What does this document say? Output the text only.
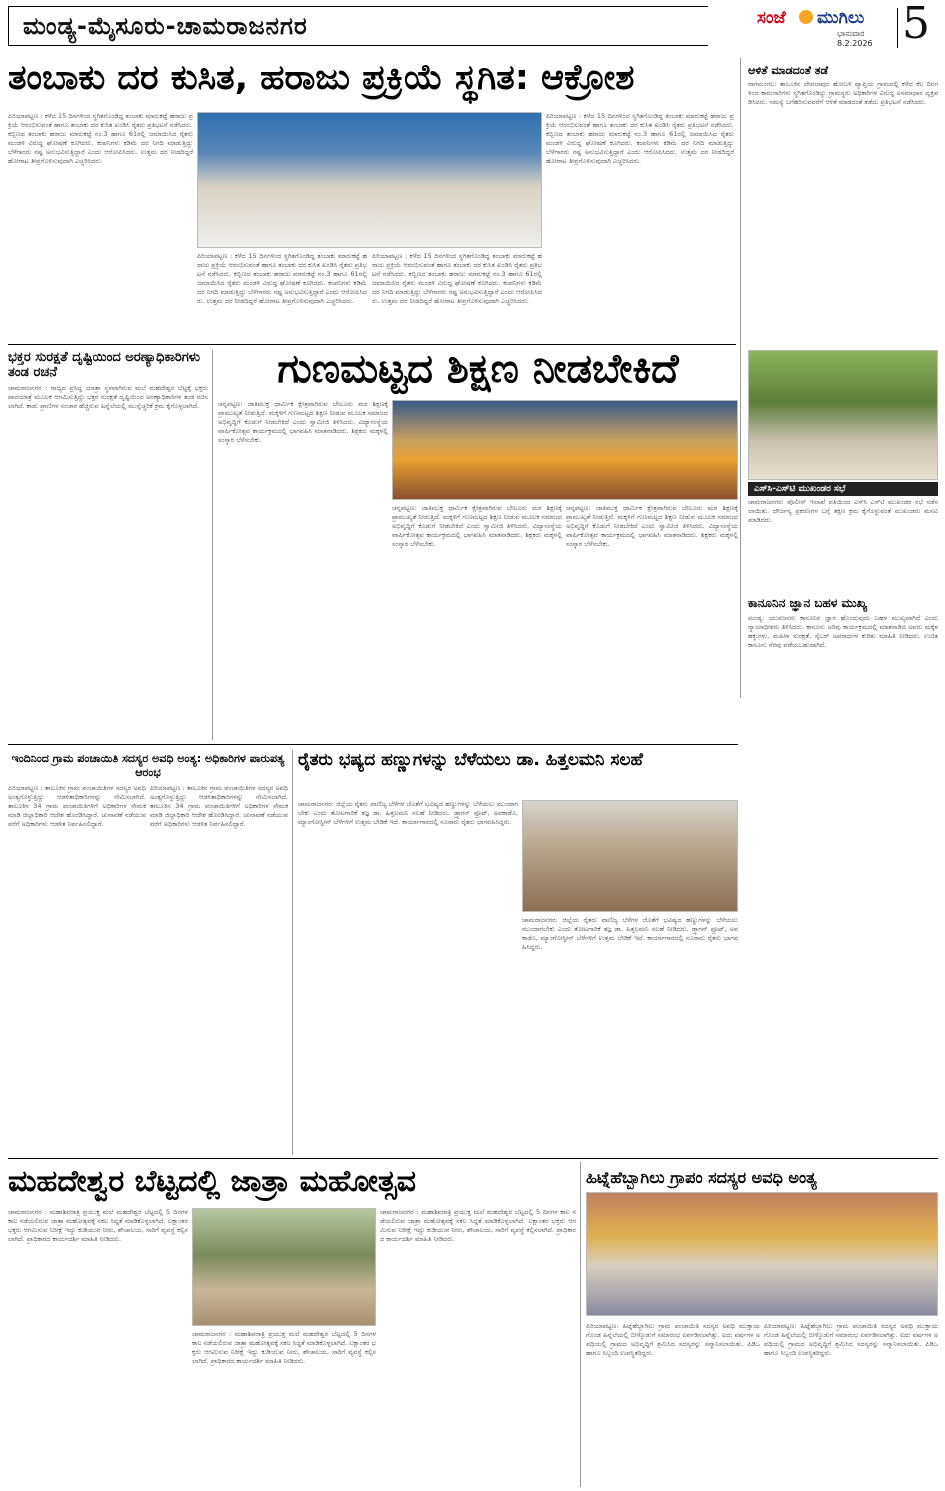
ಮಂಡ್ಯ-ಮೈಸೂರು-ಚಾಮರಾಜನಗರ	ಸಂಜೆ ಮುಗಿಲು
ಭಾನುವಾರ
8.2.2026 5
ತಂಬಾಕು ದರ ಕುಸಿತ, ಹರಾಜು ಪ್ರಕ್ರಿಯೆ ಸ್ಥಗಿತ: ಆಕ್ರೋಶ
ಪಿರಿಯಾಪಟ್ಟಣ : ಕಳೆದ 15 ದಿನಗಳಿಂದ ಸ್ಥಗಿತಗೊಂಡಿದ್ದ ತಂಬಾಕು ಮಾರುಕಟ್ಟೆ ಹರಾಜು ಪ್ರಕ್ರಿಯೆ ಆರಂಭಿಸುವಂತೆ ಹಾಗೂ ತಂಬಾಕು ದರ ಕುಸಿತ ಖಂಡಿಸಿ ರೈತರು ಪ್ರತಿಭಟನೆ ನಡೆಸಿದರು. ಕಬ್ಬಿಣದ ತಂಬಾಕು ಹರಾಜು ಮಾರುಕಟ್ಟೆ ನಂ.3 ಹಾಗೂ 61ರಲ್ಲಿ ಜಮಾಯಿಸಿದ ರೈತರು ಮಂಡಳಿ ವಿರುದ್ಧ ಘೋಷಣೆ ಕೂಗಿದರು. ಕಂಪನಿಗಳು ಕಡಿಮೆ ದರ ನಿಗದಿ ಮಾಡುತ್ತಿದ್ದು ಬೆಳೆಗಾರರು ನಷ್ಟ ಅನುಭವಿಸುತ್ತಿದ್ದಾರೆ ಎಂದು ಆರೋಪಿಸಿದರು. ಉತ್ತಮ ದರ ನೀಡದಿದ್ದರೆ ಹೋರಾಟ ತೀವ್ರಗೊಳಿಸುವುದಾಗಿ ಎಚ್ಚರಿಸಿದರು.
ಪಿರಿಯಾಪಟ್ಟಣ : ಕಳೆದ 15 ದಿನಗಳಿಂದ ಸ್ಥಗಿತಗೊಂಡಿದ್ದ ತಂಬಾಕು ಮಾರುಕಟ್ಟೆ ಹರಾಜು ಪ್ರಕ್ರಿಯೆ ಆರಂಭಿಸುವಂತೆ ಹಾಗೂ ತಂಬಾಕು ದರ ಕುಸಿತ ಖಂಡಿಸಿ ರೈತರು ಪ್ರತಿಭಟನೆ ನಡೆಸಿದರು. ಕಬ್ಬಿಣದ ತಂಬಾಕು ಹರಾಜು ಮಾರುಕಟ್ಟೆ ನಂ.3 ಹಾಗೂ 61ರಲ್ಲಿ ಜಮಾಯಿಸಿದ ರೈತರು ಮಂಡಳಿ ವಿರುದ್ಧ ಘೋಷಣೆ ಕೂಗಿದರು. ಕಂಪನಿಗಳು ಕಡಿಮೆ ದರ ನಿಗದಿ ಮಾಡುತ್ತಿದ್ದು ಬೆಳೆಗಾರರು ನಷ್ಟ ಅನುಭವಿಸುತ್ತಿದ್ದಾರೆ ಎಂದು ಆರೋಪಿಸಿದರು. ಉತ್ತಮ ದರ ನೀಡದಿದ್ದರೆ ಹೋರಾಟ ತೀವ್ರಗೊಳಿಸುವುದಾಗಿ ಎಚ್ಚರಿಸಿದರು.
ಪಿರಿಯಾಪಟ್ಟಣ : ಕಳೆದ 15 ದಿನಗಳಿಂದ ಸ್ಥಗಿತಗೊಂಡಿದ್ದ ತಂಬಾಕು ಮಾರುಕಟ್ಟೆ ಹರಾಜು ಪ್ರಕ್ರಿಯೆ ಆರಂಭಿಸುವಂತೆ ಹಾಗೂ ತಂಬಾಕು ದರ ಕುಸಿತ ಖಂಡಿಸಿ ರೈತರು ಪ್ರತಿಭಟನೆ ನಡೆಸಿದರು. ಕಬ್ಬಿಣದ ತಂಬಾಕು ಹರಾಜು ಮಾರುಕಟ್ಟೆ ನಂ.3 ಹಾಗೂ 61ರಲ್ಲಿ ಜಮಾಯಿಸಿದ ರೈತರು ಮಂಡಳಿ ವಿರುದ್ಧ ಘೋಷಣೆ ಕೂಗಿದರು. ಕಂಪನಿಗಳು ಕಡಿಮೆ ದರ ನಿಗದಿ ಮಾಡುತ್ತಿದ್ದು ಬೆಳೆಗಾರರು ನಷ್ಟ ಅನುಭವಿಸುತ್ತಿದ್ದಾರೆ ಎಂದು ಆರೋಪಿಸಿದರು. ಉತ್ತಮ ದರ ನೀಡದಿದ್ದರೆ ಹೋರಾಟ ತೀವ್ರಗೊಳಿಸುವುದಾಗಿ ಎಚ್ಚರಿಸಿದರು.
ಪಿರಿಯಾಪಟ್ಟಣ : ಕಳೆದ 15 ದಿನಗಳಿಂದ ಸ್ಥಗಿತಗೊಂಡಿದ್ದ ತಂಬಾಕು ಮಾರುಕಟ್ಟೆ ಹರಾಜು ಪ್ರಕ್ರಿಯೆ ಆರಂಭಿಸುವಂತೆ ಹಾಗೂ ತಂಬಾಕು ದರ ಕುಸಿತ ಖಂಡಿಸಿ ರೈತರು ಪ್ರತಿಭಟನೆ ನಡೆಸಿದರು. ಕಬ್ಬಿಣದ ತಂಬಾಕು ಹರಾಜು ಮಾರುಕಟ್ಟೆ ನಂ.3 ಹಾಗೂ 61ರಲ್ಲಿ ಜಮಾಯಿಸಿದ ರೈತರು ಮಂಡಳಿ ವಿರುದ್ಧ ಘೋಷಣೆ ಕೂಗಿದರು. ಕಂಪನಿಗಳು ಕಡಿಮೆ ದರ ನಿಗದಿ ಮಾಡುತ್ತಿದ್ದು ಬೆಳೆಗಾರರು ನಷ್ಟ ಅನುಭವಿಸುತ್ತಿದ್ದಾರೆ ಎಂದು ಆರೋಪಿಸಿದರು. ಉತ್ತಮ ದರ ನೀಡದಿದ್ದರೆ ಹೋರಾಟ ತೀವ್ರಗೊಳಿಸುವುದಾಗಿ ಎಚ್ಚರಿಸಿದರು.
ಆಳಿತೆ ಮಾಡದಂತೆ ತಡೆ
ನಾಗಮಂಗಲ: ತಾಲೂಕಿನ ದೇವಲಾಪುರ ಹೋಬಳಿ ವ್ಯಾಪ್ತಿಯ ಗ್ರಾಮದಲ್ಲಿ ಕಳೆದ ಕೆಲ ದಿನಗಳಿಂದ ಕಾಮಗಾರಿಗಳು ಸ್ಥಗಿತಗೊಂಡಿದ್ದು ಗ್ರಾಮಸ್ಥರು ಅಧಿಕಾರಿಗಳ ವಿರುದ್ಧ ಅಸಮಾಧಾನ ವ್ಯಕ್ತಪಡಿಸಿದರು. ಸಮಸ್ಯೆ ಬಗೆಹರಿಸುವವರೆಗೆ ಆಳಿತೆ ಮಾಡದಂತೆ ತಡೆದು ಪ್ರತಿಭಟನೆ ನಡೆಸಿದರು.
ಎಸ್‌ಸಿ-ಎಸ್‌ಟಿ ಮುಖಂಡರ ಸಭೆ
ಚಾಮರಾಜನಗರ: ಪೊಲೀಸ್ ಇಲಾಖೆ ವತಿಯಿಂದ ಎಸ್‌ಸಿ ಎಸ್‌ಟಿ ಮುಖಂಡರ ಸಭೆ ನಡೆಸಲಾಯಿತು. ದೌರ್ಜನ್ಯ ಪ್ರಕರಣಗಳ ಬಗ್ಗೆ ತಕ್ಷಣ ಕ್ರಮ ಕೈಗೊಳ್ಳುವಂತೆ ಮುಖಂಡರು ಮನವಿ ಮಾಡಿದರು.
ಕಾನೂನಿನ ಜ್ಞಾನ ಬಹಳ ಮುಖ್ಯ
ಮಂಡ್ಯ: ಯುವಜನರು ಕಾನೂನಿನ ಜ್ಞಾನ ಹೊಂದುವುದು ಬಹಳ ಮುಖ್ಯವಾಗಿದೆ ಎಂದು ನ್ಯಾಯಾಧೀಶರು ತಿಳಿಸಿದರು. ಕಾನೂನು ಅರಿವು ಕಾರ್ಯಕ್ರಮದಲ್ಲಿ ಮಾತನಾಡಿದ ಅವರು ಮಕ್ಕಳ ಹಕ್ಕುಗಳು, ಮಹಿಳಾ ಸುರಕ್ಷತೆ, ಸೈಬರ್ ಅಪರಾಧಗಳ ಕುರಿತು ಮಾಹಿತಿ ನೀಡಿದರು. ಉಚಿತ ಕಾನೂನು ನೆರವು ಪಡೆಯಬಹುದಾಗಿದೆ.
ಭಕ್ತರ ಸುರಕ್ಷತೆ ದೃಷ್ಟಿಯಿಂದ ಅರಣ್ಯಾಧಿಕಾರಿಗಳು ತಂಡ ರಚನೆ
ಚಾಮರಾಜನಗರ : ರಾಜ್ಯದ ಪ್ರಸಿದ್ಧ ಯಾತ್ರಾ ಸ್ಥಳವಾಗಿರುವ ಮಲೆ ಮಹದೇಶ್ವರ ಬೆಟ್ಟಕ್ಕೆ ಭಕ್ತರು ಪಾದಯಾತ್ರೆ ಮೂಲಕ ಆಗಮಿಸುತ್ತಿದ್ದು ಭಕ್ತರ ಸುರಕ್ಷತೆ ದೃಷ್ಟಿಯಿಂದ ಅರಣ್ಯಾಧಿಕಾರಿಗಳ ತಂಡ ರಚಿಸಲಾಗಿದೆ. ಕಾಡು ಪ್ರಾಣಿಗಳ ಸಂಚಾರ ಹೆಚ್ಚಿರುವ ಹಿನ್ನೆಲೆಯಲ್ಲಿ ಮುನ್ನೆಚ್ಚರಿಕೆ ಕ್ರಮ ಕೈಗೊಳ್ಳಲಾಗಿದೆ.
ಗುಣಮಟ್ಟದ ಶಿಕ್ಷಣ ನೀಡಬೇಕಿದೆ
ಚನ್ನಪಟ್ಟಣ: ಜಾತಿಮುಕ್ತ ಧಾರ್ಮಿಕ ಕ್ಷೇತ್ರವಾಗಿರುವ ಬೇಲೂರು ಮಠ ಶಿಕ್ಷಣಕ್ಕೆ ಪ್ರಾಮುಖ್ಯತೆ ನೀಡುತ್ತಿದೆ. ಮಕ್ಕಳಿಗೆ ಗುಣಮಟ್ಟದ ಶಿಕ್ಷಣ ನೀಡುವ ಮೂಲಕ ಸಮಾಜದ ಅಭಿವೃದ್ಧಿಗೆ ಕೊಡುಗೆ ನೀಡಬೇಕಿದೆ ಎಂದು ಸ್ವಾಮೀಜಿ ತಿಳಿಸಿದರು. ವಿದ್ಯಾಸಂಸ್ಥೆಯ ವಾರ್ಷಿಕೋತ್ಸವ ಕಾರ್ಯಕ್ರಮದಲ್ಲಿ ಭಾಗವಹಿಸಿ ಮಾತನಾಡಿದರು. ಶಿಕ್ಷಕರು ಮಕ್ಕಳಲ್ಲಿ ಸಂಸ್ಕಾರ ಬೆಳೆಸಬೇಕು.
ಚನ್ನಪಟ್ಟಣ: ಜಾತಿಮುಕ್ತ ಧಾರ್ಮಿಕ ಕ್ಷೇತ್ರವಾಗಿರುವ ಬೇಲೂರು ಮಠ ಶಿಕ್ಷಣಕ್ಕೆ ಪ್ರಾಮುಖ್ಯತೆ ನೀಡುತ್ತಿದೆ. ಮಕ್ಕಳಿಗೆ ಗುಣಮಟ್ಟದ ಶಿಕ್ಷಣ ನೀಡುವ ಮೂಲಕ ಸಮಾಜದ ಅಭಿವೃದ್ಧಿಗೆ ಕೊಡುಗೆ ನೀಡಬೇಕಿದೆ ಎಂದು ಸ್ವಾಮೀಜಿ ತಿಳಿಸಿದರು. ವಿದ್ಯಾಸಂಸ್ಥೆಯ ವಾರ್ಷಿಕೋತ್ಸವ ಕಾರ್ಯಕ್ರಮದಲ್ಲಿ ಭಾಗವಹಿಸಿ ಮಾತನಾಡಿದರು. ಶಿಕ್ಷಕರು ಮಕ್ಕಳಲ್ಲಿ ಸಂಸ್ಕಾರ ಬೆಳೆಸಬೇಕು.
ಚನ್ನಪಟ್ಟಣ: ಜಾತಿಮುಕ್ತ ಧಾರ್ಮಿಕ ಕ್ಷೇತ್ರವಾಗಿರುವ ಬೇಲೂರು ಮಠ ಶಿಕ್ಷಣಕ್ಕೆ ಪ್ರಾಮುಖ್ಯತೆ ನೀಡುತ್ತಿದೆ. ಮಕ್ಕಳಿಗೆ ಗುಣಮಟ್ಟದ ಶಿಕ್ಷಣ ನೀಡುವ ಮೂಲಕ ಸಮಾಜದ ಅಭಿವೃದ್ಧಿಗೆ ಕೊಡುಗೆ ನೀಡಬೇಕಿದೆ ಎಂದು ಸ್ವಾಮೀಜಿ ತಿಳಿಸಿದರು. ವಿದ್ಯಾಸಂಸ್ಥೆಯ ವಾರ್ಷಿಕೋತ್ಸವ ಕಾರ್ಯಕ್ರಮದಲ್ಲಿ ಭಾಗವಹಿಸಿ ಮಾತನಾಡಿದರು. ಶಿಕ್ಷಕರು ಮಕ್ಕಳಲ್ಲಿ ಸಂಸ್ಕಾರ ಬೆಳೆಸಬೇಕು.
ಇಂದಿನಿಂದ ಗ್ರಾಮ ಪಂಚಾಯಿತಿ ಸದಸ್ಯರ ಅವಧಿ ಅಂತ್ಯ: ಅಧಿಕಾರಿಗಳ ಪಾರುಪತ್ಯ ಆರಂಭ
ಪಿರಿಯಾಪಟ್ಟಣ : ತಾಲೂಕಿನ ಗ್ರಾಮ ಪಂಚಾಯಿತಿಗಳ ಸದಸ್ಯರ ಅವಧಿ ಅಂತ್ಯಗೊಳ್ಳುತ್ತಿದ್ದು ಆಡಳಿತಾಧಿಕಾರಿಗಳನ್ನು ನೇಮಿಸಲಾಗಿದೆ. ತಾಲೂಕಿನ 34 ಗ್ರಾಮ ಪಂಚಾಯಿತಿಗಳಿಗೆ ಅಧಿಕಾರಿಗಳ ನೇಮಕ ಮಾಡಿ ಜಿಲ್ಲಾಧಿಕಾರಿ ಆದೇಶ ಹೊರಡಿಸಿದ್ದಾರೆ. ಚುನಾವಣೆ ನಡೆಯುವವರೆಗೆ ಅಧಿಕಾರಿಗಳು ಆಡಳಿತ ನಿರ್ವಹಿಸಲಿದ್ದಾರೆ.
ಪಿರಿಯಾಪಟ್ಟಣ : ತಾಲೂಕಿನ ಗ್ರಾಮ ಪಂಚಾಯಿತಿಗಳ ಸದಸ್ಯರ ಅವಧಿ ಅಂತ್ಯಗೊಳ್ಳುತ್ತಿದ್ದು ಆಡಳಿತಾಧಿಕಾರಿಗಳನ್ನು ನೇಮಿಸಲಾಗಿದೆ. ತಾಲೂಕಿನ 34 ಗ್ರಾಮ ಪಂಚಾಯಿತಿಗಳಿಗೆ ಅಧಿಕಾರಿಗಳ ನೇಮಕ ಮಾಡಿ ಜಿಲ್ಲಾಧಿಕಾರಿ ಆದೇಶ ಹೊರಡಿಸಿದ್ದಾರೆ. ಚುನಾವಣೆ ನಡೆಯುವವರೆಗೆ ಅಧಿಕಾರಿಗಳು ಆಡಳಿತ ನಿರ್ವಹಿಸಲಿದ್ದಾರೆ.
ರೈತರು ಭಷ್ಯದ ಹಣ್ಣುಗಳನ್ನು ಬೆಳೆಯಲು ಡಾ. ಹಿತ್ತಲಮನಿ ಸಲಹೆ
ಚಾಮರಾಜನಗರ: ಜಿಲ್ಲೆಯ ರೈತರು ವಾಣಿಜ್ಯ ಬೆಳೆಗಳ ಜೊತೆಗೆ ಭವಿಷ್ಯದ ಹಣ್ಣುಗಳನ್ನು ಬೆಳೆಯಲು ಮುಂದಾಗಬೇಕು ಎಂದು ತೋಟಗಾರಿಕೆ ತಜ್ಞ ಡಾ. ಹಿತ್ತಲಮನಿ ಸಲಹೆ ನೀಡಿದರು. ಡ್ರ್ಯಾಗನ್ ಫ್ರೂಟ್, ಅವಕಾಡೊ, ಮ್ಯಾಂಗೋಸ್ಟೀನ್ ಬೆಳೆಗಳಿಗೆ ಉತ್ತಮ ಬೇಡಿಕೆ ಇದೆ. ಕಾರ್ಯಾಗಾರದಲ್ಲಿ ನೂರಾರು ರೈತರು ಭಾಗವಹಿಸಿದ್ದರು.
ಚಾಮರಾಜನಗರ: ಜಿಲ್ಲೆಯ ರೈತರು ವಾಣಿಜ್ಯ ಬೆಳೆಗಳ ಜೊತೆಗೆ ಭವಿಷ್ಯದ ಹಣ್ಣುಗಳನ್ನು ಬೆಳೆಯಲು ಮುಂದಾಗಬೇಕು ಎಂದು ತೋಟಗಾರಿಕೆ ತಜ್ಞ ಡಾ. ಹಿತ್ತಲಮನಿ ಸಲಹೆ ನೀಡಿದರು. ಡ್ರ್ಯಾಗನ್ ಫ್ರೂಟ್, ಅವಕಾಡೊ, ಮ್ಯಾಂಗೋಸ್ಟೀನ್ ಬೆಳೆಗಳಿಗೆ ಉತ್ತಮ ಬೇಡಿಕೆ ಇದೆ. ಕಾರ್ಯಾಗಾರದಲ್ಲಿ ನೂರಾರು ರೈತರು ಭಾಗವಹಿಸಿದ್ದರು.
ಮಹದೇಶ್ವರ ಬೆಟ್ಟದಲ್ಲಿ ಜಾತ್ರಾ ಮಹೋತ್ಸವ
ಚಾಮರಾಜನಗರ : ಮಹಾಶಿವರಾತ್ರಿ ಪ್ರಯುಕ್ತ ಮಲೆ ಮಹದೇಶ್ವರ ಬೆಟ್ಟದಲ್ಲಿ 5 ದಿನಗಳ ಕಾಲ ನಡೆಯಲಿರುವ ಜಾತ್ರಾ ಮಹೋತ್ಸವಕ್ಕೆ ಸಕಲ ಸಿದ್ಧತೆ ಮಾಡಿಕೊಳ್ಳಲಾಗಿದೆ. ಲಕ್ಷಾಂತರ ಭಕ್ತರು ಆಗಮಿಸುವ ನಿರೀಕ್ಷೆ ಇದ್ದು ಕುಡಿಯುವ ನೀರು, ಶೌಚಾಲಯ, ಸಾರಿಗೆ ವ್ಯವಸ್ಥೆ ಕಲ್ಪಿಸಲಾಗಿದೆ. ಪ್ರಾಧಿಕಾರದ ಕಾರ್ಯದರ್ಶಿ ಮಾಹಿತಿ ನೀಡಿದರು.
ಚಾಮರಾಜನಗರ : ಮಹಾಶಿವರಾತ್ರಿ ಪ್ರಯುಕ್ತ ಮಲೆ ಮಹದೇಶ್ವರ ಬೆಟ್ಟದಲ್ಲಿ 5 ದಿನಗಳ ಕಾಲ ನಡೆಯಲಿರುವ ಜಾತ್ರಾ ಮಹೋತ್ಸವಕ್ಕೆ ಸಕಲ ಸಿದ್ಧತೆ ಮಾಡಿಕೊಳ್ಳಲಾಗಿದೆ. ಲಕ್ಷಾಂತರ ಭಕ್ತರು ಆಗಮಿಸುವ ನಿರೀಕ್ಷೆ ಇದ್ದು ಕುಡಿಯುವ ನೀರು, ಶೌಚಾಲಯ, ಸಾರಿಗೆ ವ್ಯವಸ್ಥೆ ಕಲ್ಪಿಸಲಾಗಿದೆ. ಪ್ರಾಧಿಕಾರದ ಕಾರ್ಯದರ್ಶಿ ಮಾಹಿತಿ ನೀಡಿದರು.
ಚಾಮರಾಜನಗರ : ಮಹಾಶಿವರಾತ್ರಿ ಪ್ರಯುಕ್ತ ಮಲೆ ಮಹದೇಶ್ವರ ಬೆಟ್ಟದಲ್ಲಿ 5 ದಿನಗಳ ಕಾಲ ನಡೆಯಲಿರುವ ಜಾತ್ರಾ ಮಹೋತ್ಸವಕ್ಕೆ ಸಕಲ ಸಿದ್ಧತೆ ಮಾಡಿಕೊಳ್ಳಲಾಗಿದೆ. ಲಕ್ಷಾಂತರ ಭಕ್ತರು ಆಗಮಿಸುವ ನಿರೀಕ್ಷೆ ಇದ್ದು ಕುಡಿಯುವ ನೀರು, ಶೌಚಾಲಯ, ಸಾರಿಗೆ ವ್ಯವಸ್ಥೆ ಕಲ್ಪಿಸಲಾಗಿದೆ. ಪ್ರಾಧಿಕಾರದ ಕಾರ್ಯದರ್ಶಿ ಮಾಹಿತಿ ನೀಡಿದರು.
ಹಿಟ್ನೆಹೆಬ್ಬಾಗಿಲು ಗ್ರಾಪಂ ಸದಸ್ಯರ ಅವಧಿ ಅಂತ್ಯ
ಪಿರಿಯಾಪಟ್ಟಣ: ಹಿಟ್ನೆಹೆಬ್ಬಾಗಿಲು ಗ್ರಾಮ ಪಂಚಾಯಿತಿ ಸದಸ್ಯರ ಅವಧಿ ಮುಕ್ತಾಯಗೊಂಡ ಹಿನ್ನೆಲೆಯಲ್ಲಿ ಬೀಳ್ಕೊಡುಗೆ ಸಮಾರಂಭ ಏರ್ಪಡಿಸಲಾಗಿತ್ತು. ಐದು ವರ್ಷಗಳ ಅವಧಿಯಲ್ಲಿ ಗ್ರಾಮದ ಅಭಿವೃದ್ಧಿಗೆ ಶ್ರಮಿಸಿದ ಸದಸ್ಯರನ್ನು ಸನ್ಮಾನಿಸಲಾಯಿತು. ಪಿಡಿಒ ಹಾಗೂ ಸಿಬ್ಬಂದಿ ಉಪಸ್ಥಿತರಿದ್ದರು.
ಪಿರಿಯಾಪಟ್ಟಣ: ಹಿಟ್ನೆಹೆಬ್ಬಾಗಿಲು ಗ್ರಾಮ ಪಂಚಾಯಿತಿ ಸದಸ್ಯರ ಅವಧಿ ಮುಕ್ತಾಯಗೊಂಡ ಹಿನ್ನೆಲೆಯಲ್ಲಿ ಬೀಳ್ಕೊಡುಗೆ ಸಮಾರಂಭ ಏರ್ಪಡಿಸಲಾಗಿತ್ತು. ಐದು ವರ್ಷಗಳ ಅವಧಿಯಲ್ಲಿ ಗ್ರಾಮದ ಅಭಿವೃದ್ಧಿಗೆ ಶ್ರಮಿಸಿದ ಸದಸ್ಯರನ್ನು ಸನ್ಮಾನಿಸಲಾಯಿತು. ಪಿಡಿಒ ಹಾಗೂ ಸಿಬ್ಬಂದಿ ಉಪಸ್ಥಿತರಿದ್ದರು.
